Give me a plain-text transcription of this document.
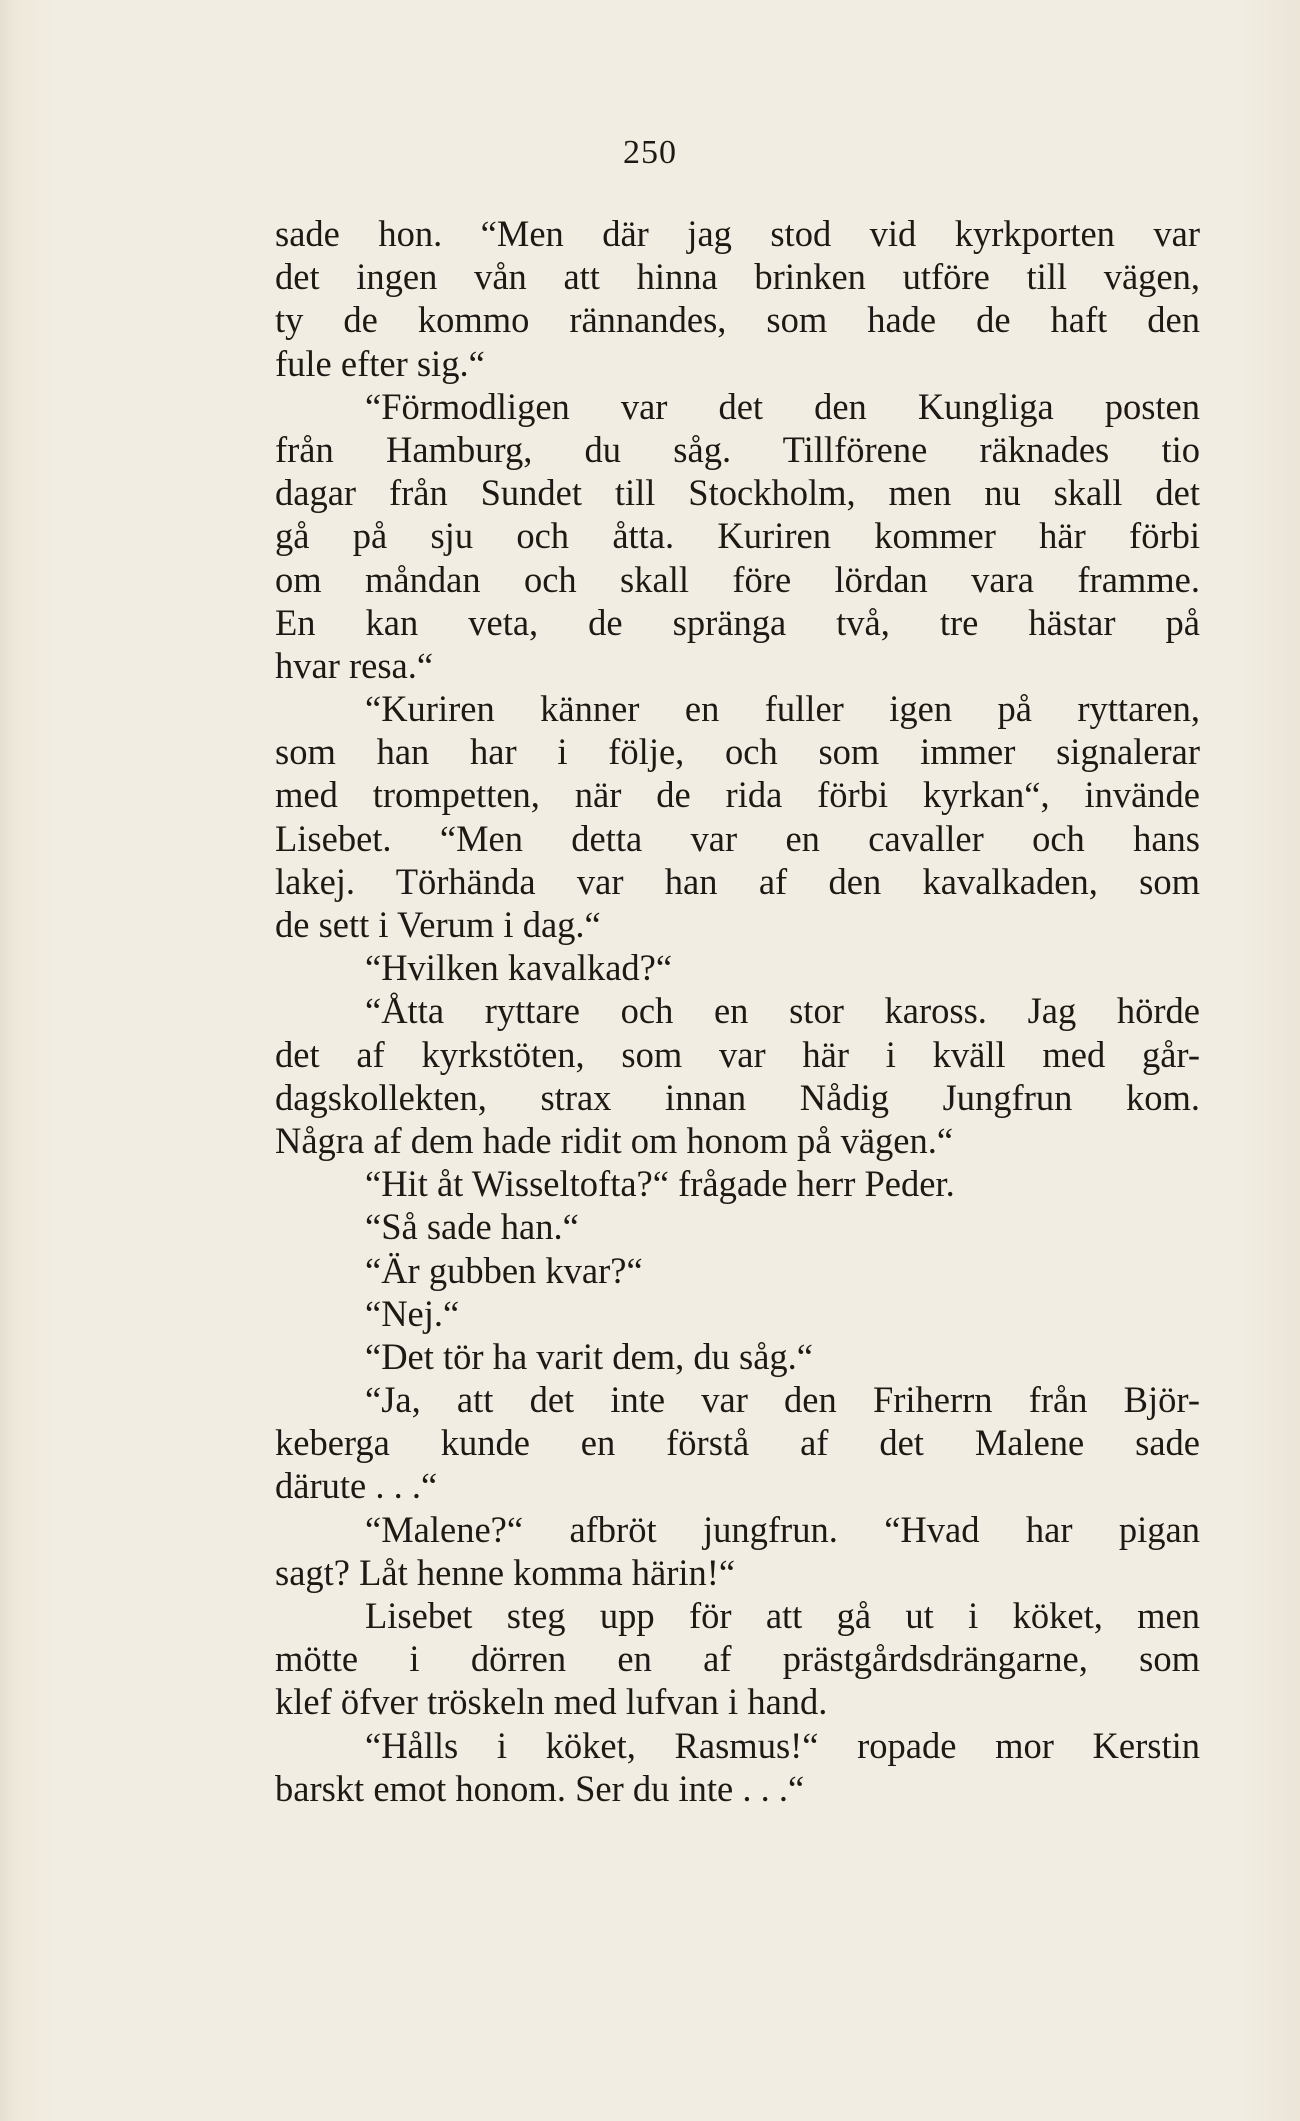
250
sade hon. “Men där jag stod vid kyrkporten var
det ingen vån att hinna brinken utföre till vägen,
ty de kommo rännandes, som hade de haft den
fule efter sig.“
“Förmodligen var det den Kungliga posten
från Hamburg, du såg. Tillförene räknades tio
dagar från Sundet till Stockholm, men nu skall det
gå på sju och åtta. Kuriren kommer här förbi
om måndan och skall före lördan vara framme.
En kan veta, de spränga två, tre hästar på
hvar resa.“
“Kuriren känner en fuller igen på ryttaren,
som han har i följe, och som immer signalerar
med trompetten, när de rida förbi kyrkan“, invände
Lisebet. “Men detta var en cavaller och hans
lakej. Törhända var han af den kavalkaden, som
de sett i Verum i dag.“
“Hvilken kavalkad?“
“Åtta ryttare och en stor kaross. Jag hörde
det af kyrkstöten, som var här i kväll med går-
dagskollekten, strax innan Nådig Jungfrun kom.
Några af dem hade ridit om honom på vägen.“
“Hit åt Wisseltofta?“ frågade herr Peder.
“Så sade han.“
“Är gubben kvar?“
“Nej.“
“Det tör ha varit dem, du såg.“
“Ja, att det inte var den Friherrn från Björ-
keberga kunde en förstå af det Malene sade
därute . . .“
“Malene?“ afbröt jungfrun. “Hvad har pigan
sagt? Låt henne komma härin!“
Lisebet steg upp för att gå ut i köket, men
mötte i dörren en af prästgårdsdrängarne, som
klef öfver tröskeln med lufvan i hand.
“Hålls i köket, Rasmus!“ ropade mor Kerstin
barskt emot honom. Ser du inte . . .“
